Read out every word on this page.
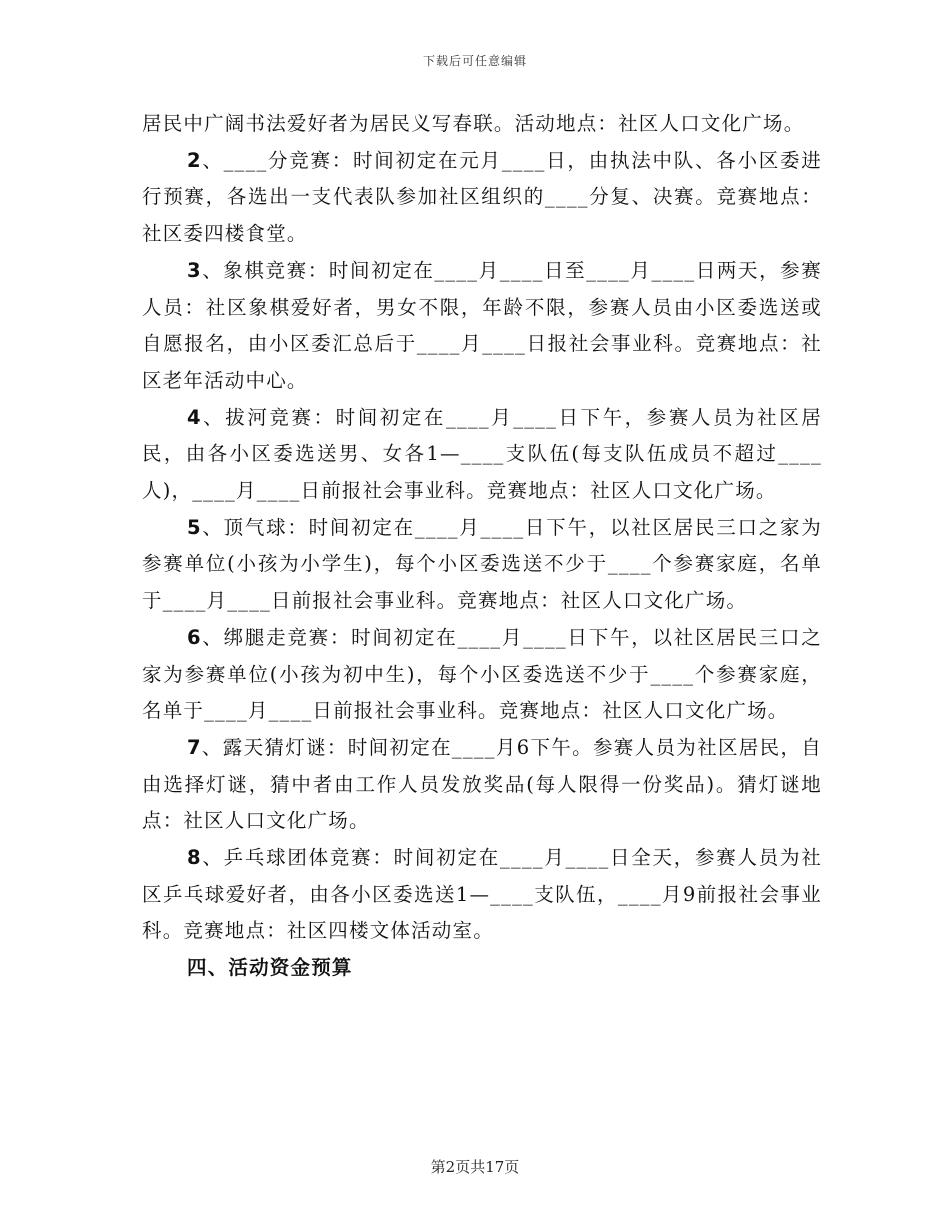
下载后可任意编辑

居民中广阔书法爱好者为居民义写春联。活动地点：社区人口文化广场。

2、____分竞赛：时间初定在元月____日，由执法中队、各小区委进行预赛，各选出一支代表队参加社区组织的____分复、决赛。竞赛地点：社区委四楼食堂。

3、象棋竞赛：时间初定在____月____日至____月____日两天，参赛人员：社区象棋爱好者，男女不限，年龄不限，参赛人员由小区委选送或自愿报名，由小区委汇总后于____月____日报社会事业科。竞赛地点：社区老年活动中心。

4、拔河竞赛：时间初定在____月____日下午，参赛人员为社区居民，由各小区委选送男、女各1—____支队伍(每支队伍成员不超过____人)，____月____日前报社会事业科。竞赛地点：社区人口文化广场。

5、顶气球：时间初定在____月____日下午，以社区居民三口之家为参赛单位(小孩为小学生)，每个小区委选送不少于____个参赛家庭，名单于____月____日前报社会事业科。竞赛地点：社区人口文化广场。

6、绑腿走竞赛：时间初定在____月____日下午，以社区居民三口之家为参赛单位(小孩为初中生)，每个小区委选送不少于____个参赛家庭，名单于____月____日前报社会事业科。竞赛地点：社区人口文化广场。

7、露天猜灯谜：时间初定在____月6下午。参赛人员为社区居民，自由选择灯谜，猜中者由工作人员发放奖品(每人限得一份奖品)。猜灯谜地点：社区人口文化广场。

8、乒乓球团体竞赛：时间初定在____月____日全天，参赛人员为社区乒乓球爱好者，由各小区委选送1—____支队伍，____月9前报社会事业科。竞赛地点：社区四楼文体活动室。

四、活动资金预算

第2页共17页
